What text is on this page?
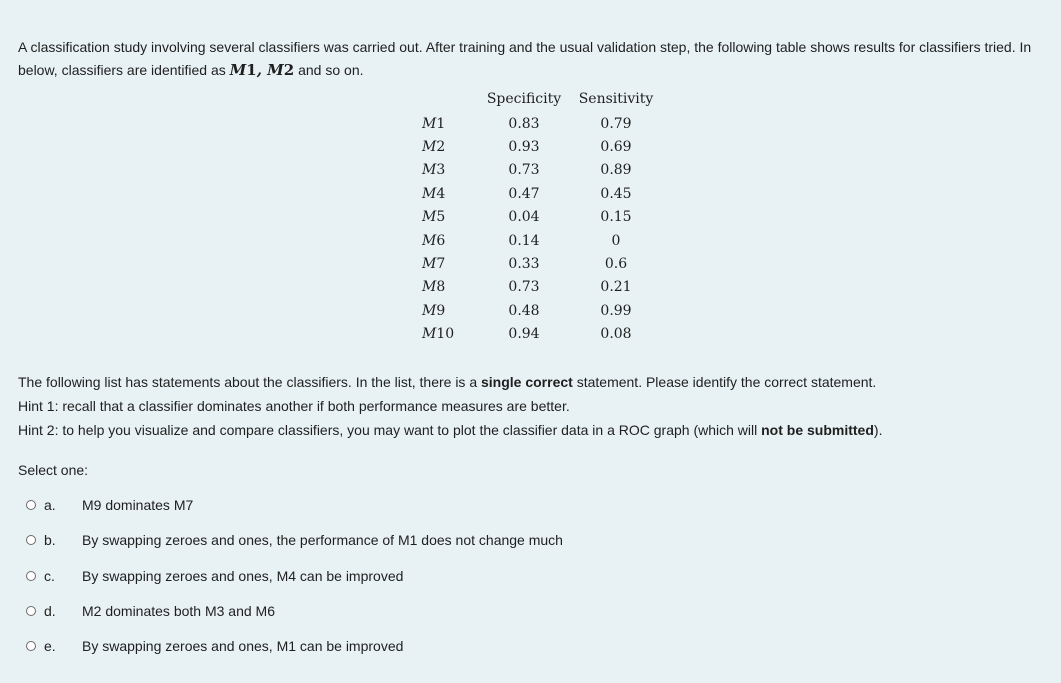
A classification study involving several classifiers was carried out. After training and the usual validation step, the following table shows results for classifiers tried. In below, classifiers are identified as M1, M2 and so on.
	Specificity	Sensitivity
M1	0.83	0.79
M2	0.93	0.69
M3	0.73	0.89
M4	0.47	0.45
M5	0.04	0.15
M6	0.14	0
M7	0.33	0.6
M8	0.73	0.21
M9	0.48	0.99
M10	0.94	0.08
The following list has statements about the classifiers. In the list, there is a single correct statement. Please identify the correct statement.
Hint 1: recall that a classifier dominates another if both performance measures are better.
Hint 2: to help you visualize and compare classifiers, you may want to plot the classifier data in a ROC graph (which will not be submitted).
Select one:
a.	M9 dominates M7
b.	By swapping zeroes and ones, the performance of M1 does not change much
c.	By swapping zeroes and ones, M4 can be improved
d.	M2 dominates both M3 and M6
e.	By swapping zeroes and ones, M1 can be improved
